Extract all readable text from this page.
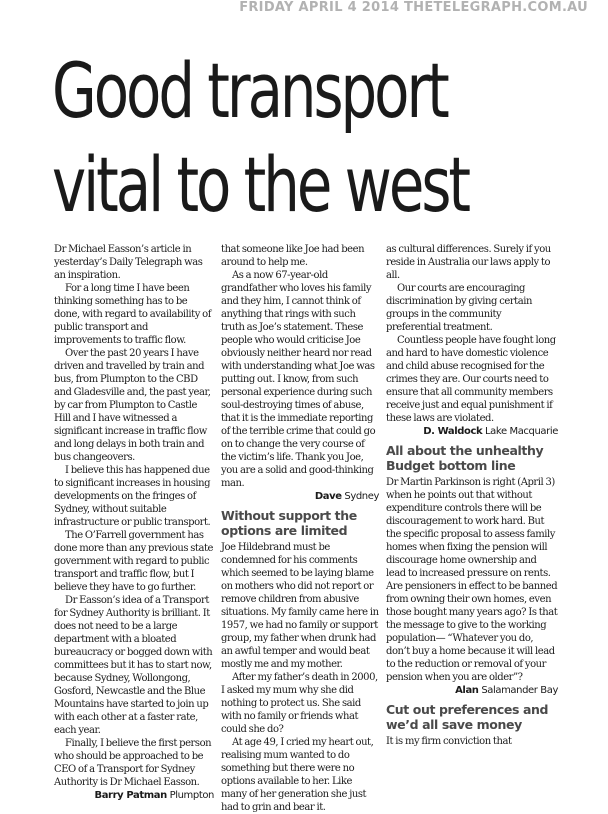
FRIDAY APRIL 4 2014 THETELEGRAPH.COM.AU
Good transport
vital to the west

Dr Michael Easson’s article in yesterday’s Daily Telegraph was an inspiration.

For a long time I have been thinking something has to be done, with regard to availability of public transport and improvements to traffic flow.

Over the past 20 years I have driven and travelled by train and bus, from Plumpton to the CBD and Gladesville and, the past year, by car from Plumpton to Castle Hill and I have witnessed a significant increase in traffic flow and long delays in both train and bus changeovers.

I believe this has happened due to significant increases in housing developments on the fringes of Sydney, without suitable infrastructure or public transport.

The O’Farrell government has done more than any previous state government with regard to public transport and traffic flow, but I believe they have to go further.

Dr Easson’s idea of a Transport for Sydney Authority is brilliant. It does not need to be a large department with a bloated bureaucracy or bogged down with committees but it has to start now, because Sydney, Wollongong, Gosford, Newcastle and the Blue Mountains have started to join up with each other at a faster rate, each year.

Finally, I believe the first person who should be approached to be CEO of a Transport for Sydney Authority is Dr Michael Easson.

Barry Patman Plumpton

that someone like Joe had been around to help me.

As a now 67-year-old grandfather who loves his family and they him, I cannot think of anything that rings with such truth as Joe’s statement. These people who would criticise Joe obviously neither heard nor read with understanding what Joe was putting out. I know, from such personal experience during such soul-destroying times of abuse, that it is the immediate reporting of the terrible crime that could go on to change the very course of the victim’s life. Thank you Joe, you are a solid and good-thinking man.

Dave Sydney
Without support the options are limited

Joe Hildebrand must be condemned for his comments which seemed to be laying blame on mothers who did not report or remove children from abusive situations. My family came here in 1957, we had no family or support group, my father when drunk had an awful temper and would beat mostly me and my mother.

After my father’s death in 2000, I asked my mum why she did nothing to protect us. She said with no family or friends what could she do?

At age 49, I cried my heart out, realising mum wanted to do something but there were no options available to her. Like many of her generation she just had to grin and bear it.

as cultural differences. Surely if you reside in Australia our laws apply to all.

Our courts are encouraging discrimination by giving certain groups in the community preferential treatment.

Countless people have fought long and hard to have domestic violence and child abuse recognised for the crimes they are. Our courts need to ensure that all community members receive just and equal punishment if these laws are violated.

D. Waldock Lake Macquarie
All about the unhealthy Budget bottom line

Dr Martin Parkinson is right (April 3) when he points out that without expenditure controls there will be discouragement to work hard. But the specific proposal to assess family homes when fixing the pension will discourage home ownership and lead to increased pressure on rents. Are pensioners in effect to be banned from owning their own homes, even those bought many years ago? Is that the message to give to the working population— “Whatever you do, don’t buy a home because it will lead to the reduction or removal of your pension when you are older”?

Alan Salamander Bay
Cut out preferences and we’d all save money

It is my firm conviction that
